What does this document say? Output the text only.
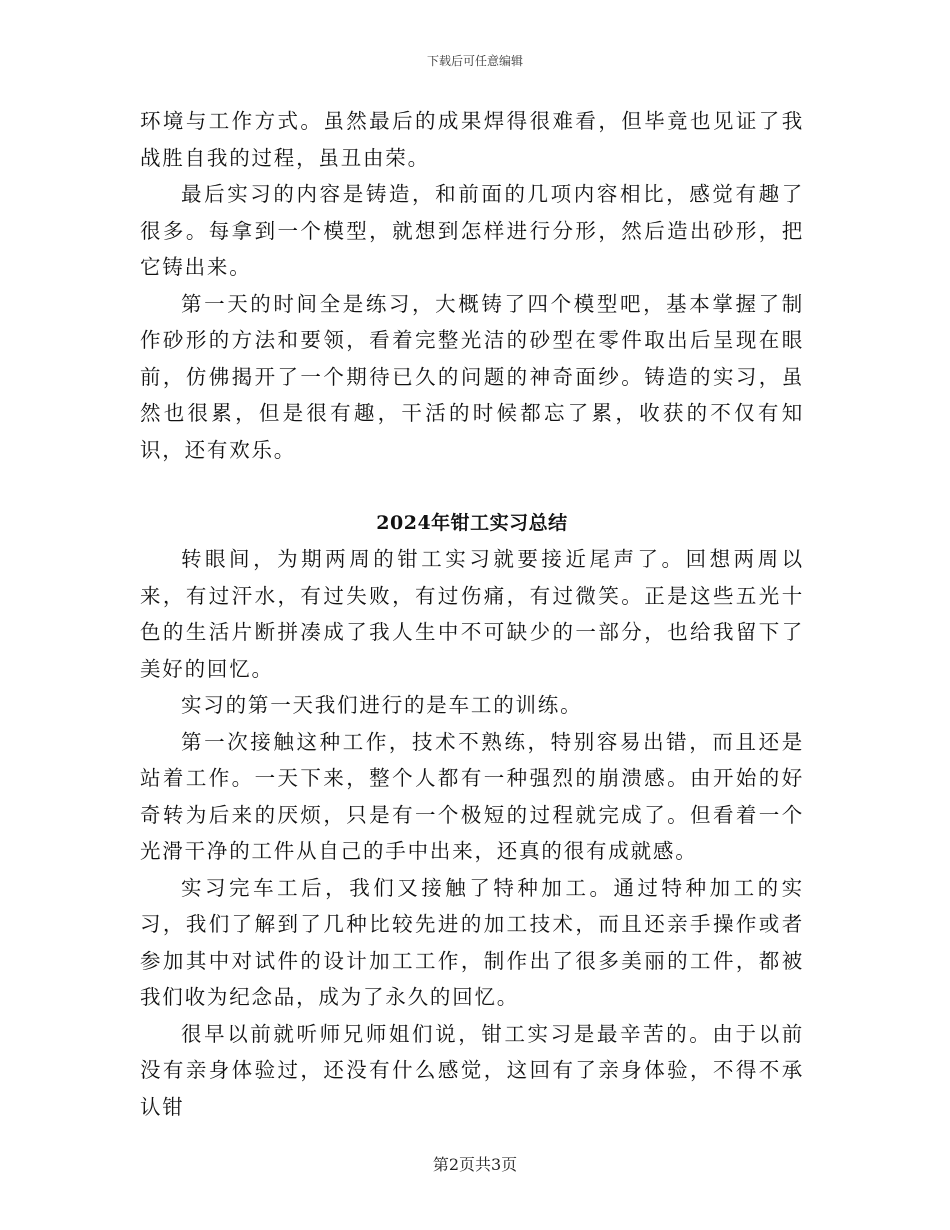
下载后可任意编辑

环境与工作方式。虽然最后的成果焊得很难看，但毕竟也见证了我战胜自我的过程，虽丑由荣。

最后实习的内容是铸造，和前面的几项内容相比，感觉有趣了很多。每拿到一个模型，就想到怎样进行分形，然后造出砂形，把它铸出来。

第一天的时间全是练习，大概铸了四个模型吧，基本掌握了制作砂形的方法和要领，看着完整光洁的砂型在零件取出后呈现在眼前，仿佛揭开了一个期待已久的问题的神奇面纱。铸造的实习，虽然也很累，但是很有趣，干活的时候都忘了累，收获的不仅有知识，还有欢乐。

2024年钳工实习总结

转眼间，为期两周的钳工实习就要接近尾声了。回想两周以来，有过汗水，有过失败，有过伤痛，有过微笑。正是这些五光十色的生活片断拼凑成了我人生中不可缺少的一部分，也给我留下了美好的回忆。

实习的第一天我们进行的是车工的训练。

第一次接触这种工作，技术不熟练，特别容易出错，而且还是站着工作。一天下来，整个人都有一种强烈的崩溃感。由开始的好奇转为后来的厌烦，只是有一个极短的过程就完成了。但看着一个光滑干净的工件从自己的手中出来，还真的很有成就感。

实习完车工后，我们又接触了特种加工。通过特种加工的实习，我们了解到了几种比较先进的加工技术，而且还亲手操作或者参加其中对试件的设计加工工作，制作出了很多美丽的工件，都被我们收为纪念品，成为了永久的回忆。

很早以前就听师兄师姐们说，钳工实习是最辛苦的。由于以前没有亲身体验过，还没有什么感觉，这回有了亲身体验，不得不承认钳

第2页共3页
